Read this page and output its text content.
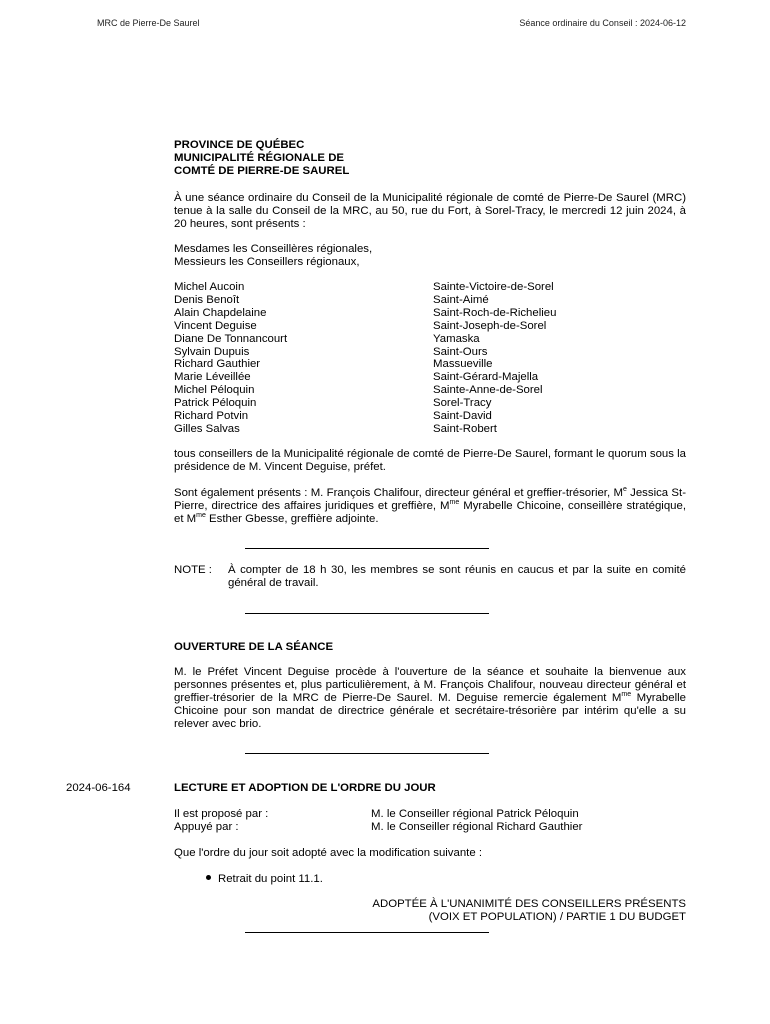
MRC de Pierre-De Saurel	Séance ordinaire du Conseil : 2024-06-12
PROVINCE DE QUÉBEC
MUNICIPALITÉ RÉGIONALE DE
COMTÉ DE PIERRE-DE SAUREL
À une séance ordinaire du Conseil de la Municipalité régionale de comté de Pierre-De Saurel (MRC) tenue à la salle du Conseil de la MRC, au 50, rue du Fort, à Sorel-Tracy, le mercredi 12 juin 2024, à 20 heures, sont présents :
Mesdames les Conseillères régionales,
Messieurs les Conseillers régionaux,
Michel Aucoin	Sainte-Victoire-de-Sorel
Denis Benoît	Saint-Aimé
Alain Chapdelaine	Saint-Roch-de-Richelieu
Vincent Deguise	Saint-Joseph-de-Sorel
Diane De Tonnancourt	Yamaska
Sylvain Dupuis	Saint-Ours
Richard Gauthier	Massueville
Marie Léveillée	Saint-Gérard-Majella
Michel Péloquin	Sainte-Anne-de-Sorel
Patrick Péloquin	Sorel-Tracy
Richard Potvin	Saint-David
Gilles Salvas	Saint-Robert
tous conseillers de la Municipalité régionale de comté de Pierre-De Saurel, formant le quorum sous la présidence de M. Vincent Deguise, préfet.
Sont également présents : M. François Chalifour, directeur général et greffier-trésorier, Me Jessica St-Pierre, directrice des affaires juridiques et greffière, $M^{me}$ Myrabelle Chicoine, conseillère stratégique, et $M^{me}$ Esther Gbesse, greffière adjointe.
NOTE :	À compter de 18 h 30, les membres se sont réunis en caucus et par la suite en comité général de travail.
OUVERTURE DE LA SÉANCE
M. le Préfet Vincent Deguise procède à l'ouverture de la séance et souhaite la bienvenue aux personnes présentes et, plus particulièrement, à M. François Chalifour, nouveau directeur général et greffier-trésorier de la MRC de Pierre-De Saurel. M. Deguise remercie également $M^{me}$ Myrabelle Chicoine pour son mandat de directrice générale et secrétaire-trésorière par intérim qu'elle a su relever avec brio.
2024-06-164	LECTURE ET ADOPTION DE L'ORDRE DU JOUR
Il est proposé par :	M. le Conseiller régional Patrick Péloquin
Appuyé par :	M. le Conseiller régional Richard Gauthier
Que l'ordre du jour soit adopté avec la modification suivante :
Retrait du point 11.1.
ADOPTÉE À L'UNANIMITÉ DES CONSEILLERS PRÉSENTS
(VOIX ET POPULATION) / PARTIE 1 DU BUDGET
